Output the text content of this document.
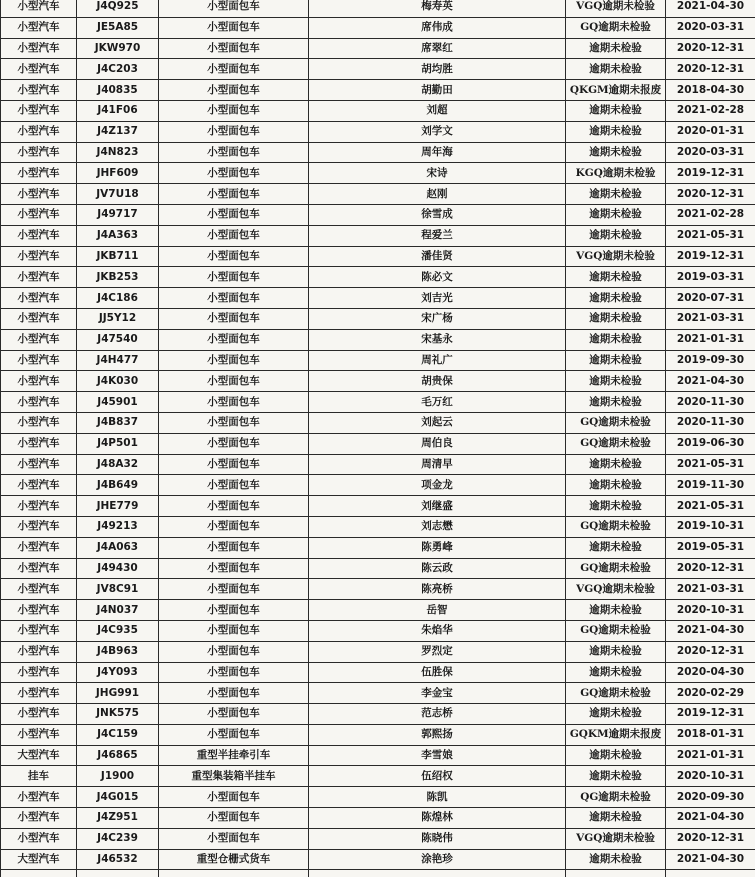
小型汽车	J4Q925	小型面包车	梅寿英	VGQ逾期未检验	2021-04-30
小型汽车	JE5A85	小型面包车	席伟成	GQ逾期未检验	2020-03-31
小型汽车	JKW970	小型面包车	席翠红	逾期未检验	2020-12-31
小型汽车	J4C203	小型面包车	胡均胜	逾期未检验	2020-12-31
小型汽车	J40835	小型面包车	胡勤田	QKGM逾期未报废	2018-04-30
小型汽车	J41F06	小型面包车	刘超	逾期未检验	2021-02-28
小型汽车	J4Z137	小型面包车	刘学文	逾期未检验	2020-01-31
小型汽车	J4N823	小型面包车	周年海	逾期未检验	2020-03-31
小型汽车	JHF609	小型面包车	宋诗	KGQ逾期未检验	2019-12-31
小型汽车	JV7U18	小型面包车	赵刚	逾期未检验	2020-12-31
小型汽车	J49717	小型面包车	徐雪成	逾期未检验	2021-02-28
小型汽车	J4A363	小型面包车	程爱兰	逾期未检验	2021-05-31
小型汽车	JKB711	小型面包车	潘佳贤	VGQ逾期未检验	2019-12-31
小型汽车	JKB253	小型面包车	陈必文	逾期未检验	2019-03-31
小型汽车	J4C186	小型面包车	刘吉光	逾期未检验	2020-07-31
小型汽车	JJ5Y12	小型面包车	宋广杨	逾期未检验	2021-03-31
小型汽车	J47540	小型面包车	宋基永	逾期未检验	2021-01-31
小型汽车	J4H477	小型面包车	周礼广	逾期未检验	2019-09-30
小型汽车	J4K030	小型面包车	胡贵保	逾期未检验	2021-04-30
小型汽车	J45901	小型面包车	毛万红	逾期未检验	2020-11-30
小型汽车	J4B837	小型面包车	刘起云	GQ逾期未检验	2020-11-30
小型汽车	J4P501	小型面包车	周伯良	GQ逾期未检验	2019-06-30
小型汽车	J48A32	小型面包车	周清早	逾期未检验	2021-05-31
小型汽车	J4B649	小型面包车	项金龙	逾期未检验	2019-11-30
小型汽车	JHE779	小型面包车	刘继盛	逾期未检验	2021-05-31
小型汽车	J49213	小型面包车	刘志懋	GQ逾期未检验	2019-10-31
小型汽车	J4A063	小型面包车	陈勇峰	逾期未检验	2019-05-31
小型汽车	J49430	小型面包车	陈云政	GQ逾期未检验	2020-12-31
小型汽车	JV8C91	小型面包车	陈亮桥	VGQ逾期未检验	2021-03-31
小型汽车	J4N037	小型面包车	岳智	逾期未检验	2020-10-31
小型汽车	J4C935	小型面包车	朱焰华	GQ逾期未检验	2021-04-30
小型汽车	J4B963	小型面包车	罗烈定	逾期未检验	2020-12-31
小型汽车	J4Y093	小型面包车	伍胜保	逾期未检验	2020-04-30
小型汽车	JHG991	小型面包车	李金宝	GQ逾期未检验	2020-02-29
小型汽车	JNK575	小型面包车	范志桥	逾期未检验	2019-12-31
小型汽车	J4C159	小型面包车	郭熙扬	GQKM逾期未报废	2018-01-31
大型汽车	J46865	重型半挂牵引车	李雪娘	逾期未检验	2021-01-31
挂车	J1900	重型集装箱半挂车	伍绍权	逾期未检验	2020-10-31
小型汽车	J4G015	小型面包车	陈凯	QG逾期未检验	2020-09-30
小型汽车	J4Z951	小型面包车	陈煌林	逾期未检验	2021-04-30
小型汽车	J4C239	小型面包车	陈晓伟	VGQ逾期未检验	2020-12-31
大型汽车	J46532	重型仓栅式货车	涂艳珍	逾期未检验	2021-04-30
